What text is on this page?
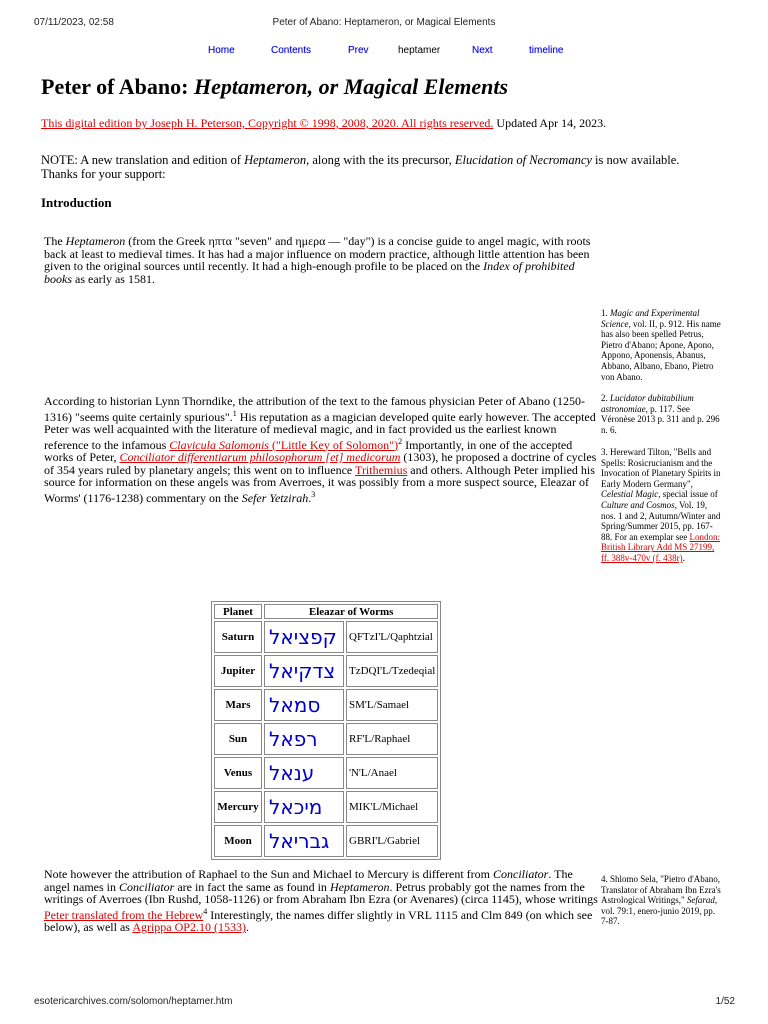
07/11/2023, 02:58	Peter of Abano: Heptameron, or Magical Elements
Home	Contents	Prev	heptamer	Next	timeline
Peter of Abano: Heptameron, or Magical Elements
This digital edition by Joseph H. Peterson, Copyright © 1998, 2008, 2020. All rights reserved. Updated Apr 14, 2023.
NOTE: A new translation and edition of Heptameron, along with the its precursor, Elucidation of Necromancy is now available.
Thanks for your support:
Introduction
The Heptameron (from the Greek ηπτα "seven" and ημερα — "day") is a concise guide to angel magic, with roots back at least to medieval times. It has had a major influence on modern practice, although little attention has been given to the original sources until recently. It had a high-enough profile to be placed on the Index of prohibited books as early as 1581.
According to historian Lynn Thorndike, the attribution of the text to the famous physician Peter of Abano (1250-1316) "seems quite certainly spurious".$^1$ His reputation as a magician developed quite early however. The accepted Peter was well acquainted with the literature of medieval magic, and in fact provided us the earliest known reference to the infamous Clavicula Salomonis ("Little Key of Solomon")$^2$ Importantly, in one of the accepted works of Peter, Conciliator differentiarum philosophorum [et] medicorum (1303), he proposed a doctrine of cycles of 354 years ruled by planetary angels; this went on to influence Trithemius and others. Although Peter implied his source for information on these angels was from Averroes, it was possibly from a more suspect source, Eleazar of Worms' (1176-1238) commentary on the Sefer Yetzirah.$^3$
Planet	Eleazar of Worms	
Saturn	קפציאל	QFTzI'L/Qaphtzial
Jupiter	צדקיאל	TzDQI'L/Tzedeqial
Mars	סמאל	SM'L/Samael
Sun	רפאל	RF'L/Raphael
Venus	ענאל	'N'L/Anael
Mercury	מיכאל	MIK'L/Michael
Moon	גבריאל	GBRI'L/Gabriel
Note however the attribution of Raphael to the Sun and Michael to Mercury is different from Conciliator. The angel names in Conciliator are in fact the same as found in Heptameron. Petrus probably got the names from the writings of Averroes (Ibn Rushd, 1058-1126) or from Abraham Ibn Ezra (or Avenares) (circa 1145), whose writings Peter translated from the Hebrew$^4$ Interestingly, the names differ slightly in VRL 1115 and Clm 849 (on which see below), as well as Agrippa OP2.10 (1533).
1. Magic and Experimental Science, vol. II, p. 912. His name has also been spelled Petrus, Pietro d'Abano; Apone, Apono, Appono, Aponensis, Abanus, Abbano, Albano, Ebano, Pietro von Abano.
2. Lucidator dubitabilium astronomiae, p. 117. See Véronèse 2013 p. 311 and p. 296 n. 6.
3. Hereward Tilton, "Bells and Spells: Rosicrucianism and the Invocation of Planetary Spirits in Early Modern Germany", Celestial Magic, special issue of Culture and Cosmos, Vol. 19, nos. 1 and 2, Autumn/Winter and Spring/Summer 2015, pp. 167-88. For an exemplar see London: British Library Add MS 27199, ff. 388v-470v (f. 438r).
4. Shlomo Sela, "Pietro d'Abano, Translator of Abraham Ibn Ezra's Astrological Writings," Sefarad, vol. 79:1, enero-junio 2019, pp. 7-87.
esotericarchives.com/solomon/heptamer.htm	1/52
